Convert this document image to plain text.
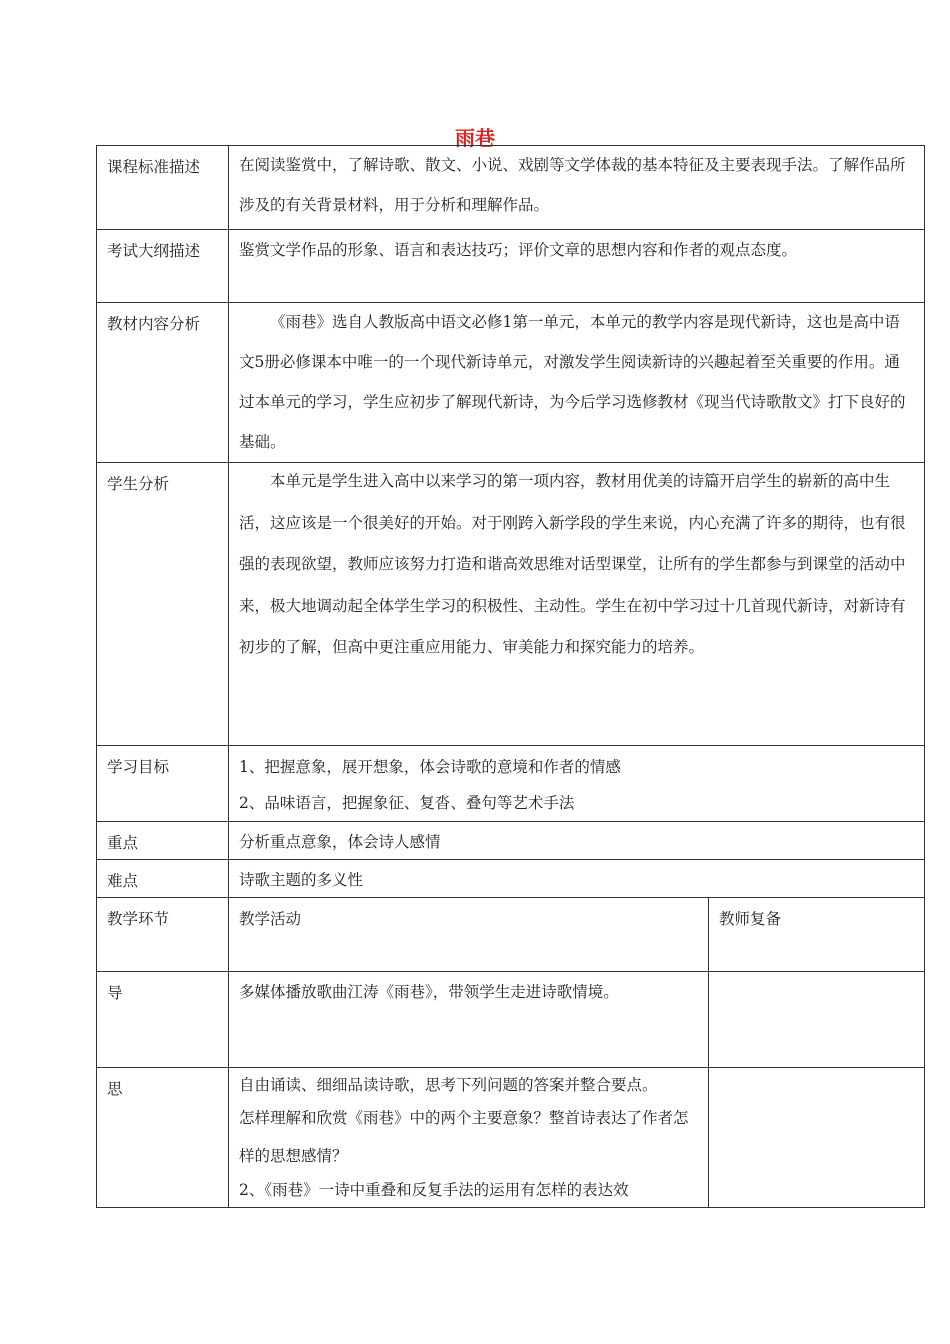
雨巷
课程标准描述	在阅读鉴赏中，了解诗歌、散文、小说、戏剧等文学体裁的基本特征及主要表现手法。了解作品所涉及的有关背景材料，用于分析和理解作品。	

考试大纲描述	鉴赏文学作品的形象、语言和表达技巧；评价文章的思想内容和作者的观点态度。	
教材内容分析	《雨巷》选自人教版高中语文必修1第一单元，本单元的教学内容是现代新诗，这也是高中语文5册必修课本中唯一的一个现代新诗单元，对激发学生阅读新诗的兴趣起着至关重要的作用。通过本单元的学习，学生应初步了解现代新诗，为今后学习选修教材《现当代诗歌散文》打下良好的基础。	

学生分析	本单元是学生进入高中以来学习的第一项内容，教材用优美的诗篇开启学生的崭新的高中生活，这应该是一个很美好的开始。对于刚跨入新学段的学生来说，内心充满了许多的期待，也有很强的表现欲望，教师应该努力打造和谐高效思维对话型课堂，让所有的学生都参与到课堂的活动中来，极大地调动起全体学生学习的积极性、主动性。学生在初中学习过十几首现代新诗，对新诗有初步的了解，但高中更注重应用能力、审美能力和探究能力的培养。	

学习目标	1、把握意象，展开想象，体会诗歌的意境和作者的情感
2、品味语言，把握象征、复沓、叠句等艺术手法	

重点	分析重点意象，体会诗人感情	
难点	诗歌主题的多义性	
教学环节	教学活动	教师复备
导	多媒体播放歌曲江涛《雨巷》，带领学生走进诗歌情境。	
思	自由诵读、细细品读诗歌，思考下列问题的答案并整合要点。
怎样理解和欣赏《雨巷》中的两个主要意象？整首诗表达了作者怎样的思想感情？
2、《雨巷》一诗中重叠和反复手法的运用有怎样的表达效	
